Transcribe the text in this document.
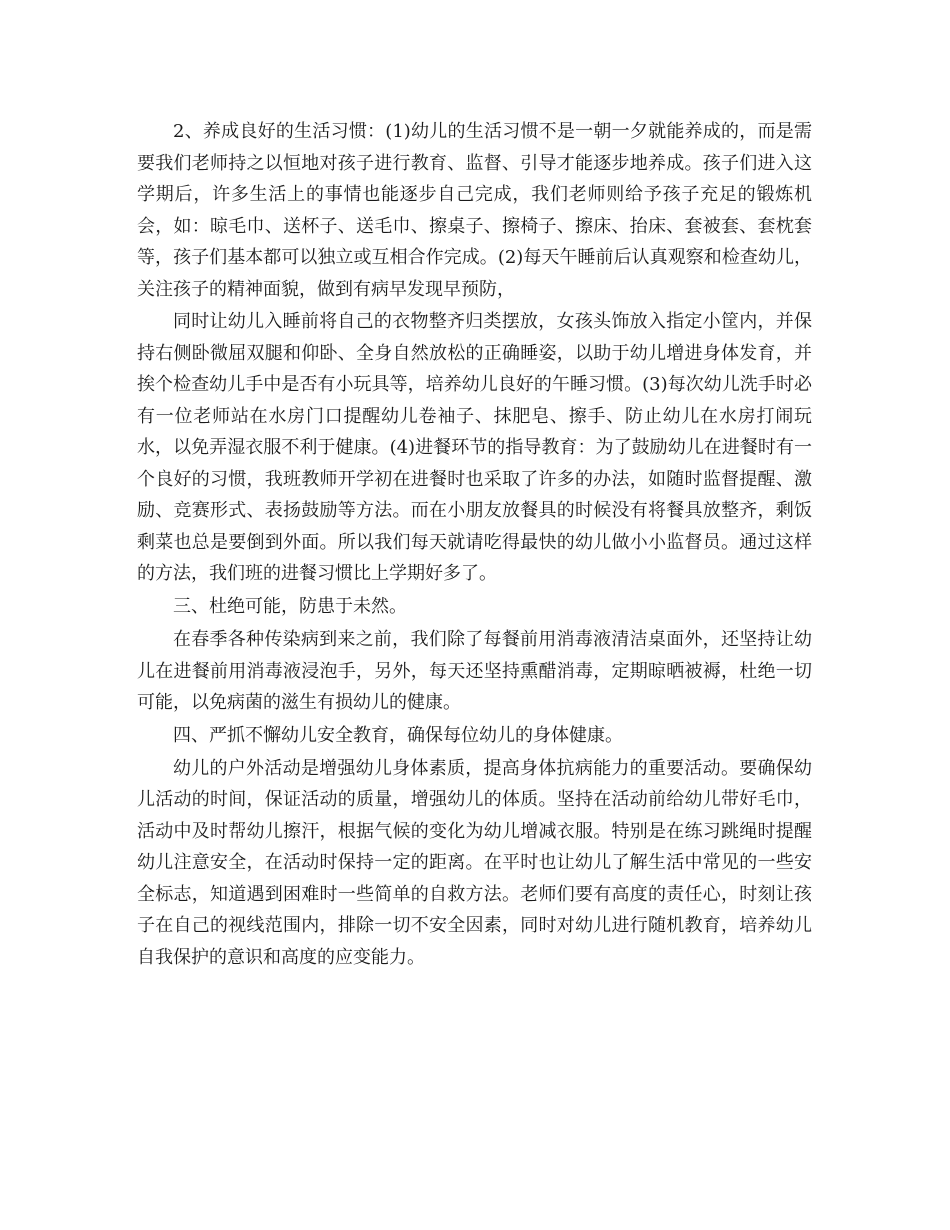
2、养成良好的生活习惯：(1)幼儿的生活习惯不是一朝一夕就能养成的，而是需要我们老师持之以恒地对孩子进行教育、监督、引导才能逐步地养成。孩子们进入这学期后，许多生活上的事情也能逐步自己完成，我们老师则给予孩子充足的锻炼机会，如：晾毛巾、送杯子、送毛巾、擦桌子、擦椅子、擦床、抬床、套被套、套枕套等，孩子们基本都可以独立或互相合作完成。(2)每天午睡前后认真观察和检查幼儿，关注孩子的精神面貌，做到有病早发现早预防，

同时让幼儿入睡前将自己的衣物整齐归类摆放，女孩头饰放入指定小筐内，并保持右侧卧微屈双腿和仰卧、全身自然放松的正确睡姿，以助于幼儿增进身体发育，并挨个检查幼儿手中是否有小玩具等，培养幼儿良好的午睡习惯。(3)每次幼儿洗手时必有一位老师站在水房门口提醒幼儿卷袖子、抹肥皂、擦手、防止幼儿在水房打闹玩水，以免弄湿衣服不利于健康。(4)进餐环节的指导教育：为了鼓励幼儿在进餐时有一个良好的习惯，我班教师开学初在进餐时也采取了许多的办法，如随时监督提醒、激励、竞赛形式、表扬鼓励等方法。而在小朋友放餐具的时候没有将餐具放整齐，剩饭剩菜也总是要倒到外面。所以我们每天就请吃得最快的幼儿做小小监督员。通过这样的方法，我们班的进餐习惯比上学期好多了。

三、杜绝可能，防患于未然。

在春季各种传染病到来之前，我们除了每餐前用消毒液清洁桌面外，还坚持让幼儿在进餐前用消毒液浸泡手，另外，每天还坚持熏醋消毒，定期晾晒被褥，杜绝一切可能，以免病菌的滋生有损幼儿的健康。

四、严抓不懈幼儿安全教育，确保每位幼儿的身体健康。

幼儿的户外活动是增强幼儿身体素质，提高身体抗病能力的重要活动。要确保幼儿活动的时间，保证活动的质量，增强幼儿的体质。坚持在活动前给幼儿带好毛巾，活动中及时帮幼儿擦汗，根据气候的变化为幼儿增减衣服。特别是在练习跳绳时提醒幼儿注意安全，在活动时保持一定的距离。在平时也让幼儿了解生活中常见的一些安全标志，知道遇到困难时一些简单的自救方法。老师们要有高度的责任心，时刻让孩子在自己的视线范围内，排除一切不安全因素，同时对幼儿进行随机教育，培养幼儿自我保护的意识和高度的应变能力。
